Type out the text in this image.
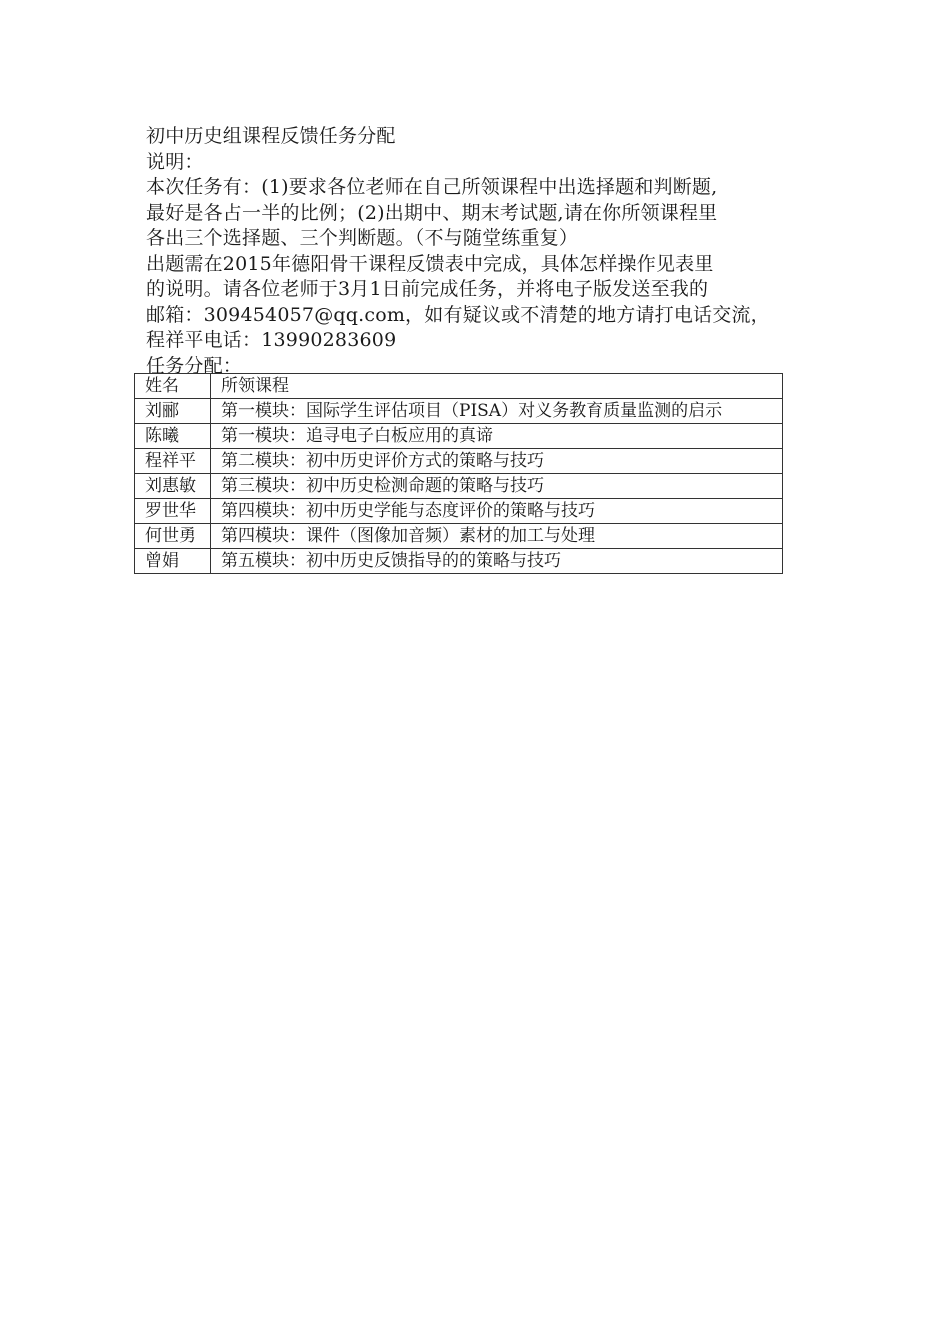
初中历史组课程反馈任务分配
说明：
本次任务有：(1)要求各位老师在自己所领课程中出选择题和判断题,
最好是各占一半的比例；(2)出期中、期末考试题,请在你所领课程里
各出三个选择题、三个判断题。（不与随堂练重复）
出题需在2015年德阳骨干课程反馈表中完成，具体怎样操作见表里
的说明。请各位老师于3月1日前完成任务，并将电子版发送至我的
邮箱：309454057@qq.com，如有疑议或不清楚的地方请打电话交流，
程祥平电话：13990283609
任务分配：
姓名	所领课程
刘郦	第一模块：国际学生评估项目（PISA）对义务教育质量监测的启示
陈曦	第一模块：追寻电子白板应用的真谛
程祥平	第二模块：初中历史评价方式的策略与技巧
刘惠敏	第三模块：初中历史检测命题的策略与技巧
罗世华	第四模块：初中历史学能与态度评价的策略与技巧
何世勇	第四模块：课件（图像加音频）素材的加工与处理
曾娟	第五模块：初中历史反馈指导的的策略与技巧
